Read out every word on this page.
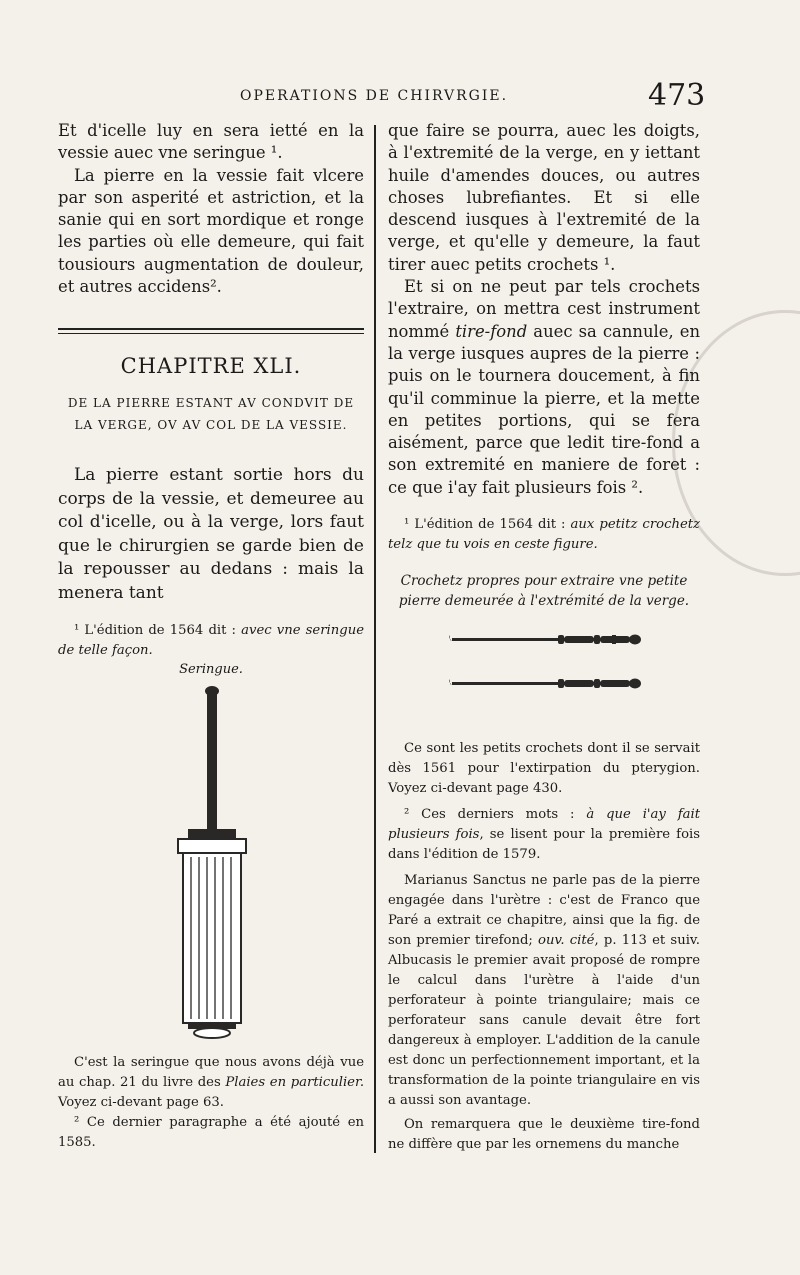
OPERATIONS DE CHIRVRGIE.	473

Et d'icelle luy en sera ietté en la vessie auec vne seringue ¹.

La pierre en la vessie fait vlcere par son asperité et astriction, et la sanie qui en sort mordique et ronge les parties où elle demeure, qui fait tousiours augmentation de douleur, et autres accidens².

CHAPITRE XLI.
DE LA PIERRE ESTANT AV CONDVIT DE
LA VERGE, OV AV COL DE LA VESSIE.

La pierre estant sortie hors du corps de la vessie, et demeuree au col d'icelle, ou à la verge, lors faut que le chirurgien se garde bien de la repousser au dedans : mais la menera tant

¹ L'édition de 1564 dit : avec vne seringue de telle façon.

Seringue.

C'est la seringue que nous avons déjà vue au chap. 21 du livre des Plaies en particulier. Voyez ci-devant page 63.

² Ce dernier paragraphe a été ajouté en 1585.

que faire se pourra, auec les doigts, à l'extremité de la verge, en y iettant huile d'amendes douces, ou autres choses lubrefiantes. Et si elle descend iusques à l'extremité de la verge, et qu'elle y demeure, la faut tirer auec petits crochets ¹.

Et si on ne peut par tels crochets l'extraire, on mettra cest instrument nommé tire-fond auec sa cannule, en la verge iusques aupres de la pierre : puis on le tournera doucement, à fin qu'il comminue la pierre, et la mette en petites portions, qui se fera aisément, parce que ledit tire-fond a son extremité en maniere de foret : ce que i'ay fait plusieurs fois ².

¹ L'édition de 1564 dit : aux petitz crochetz telz que tu vois en ceste figure.

Crochetz propres pour extraire vne petite pierre demeurée à l'extrémité de la verge.

Ce sont les petits crochets dont il se servait dès 1561 pour l'extirpation du pterygion. Voyez ci-devant page 430.

² Ces derniers mots : à que i'ay fait plusieurs fois, se lisent pour la première fois dans l'édition de 1579.

Marianus Sanctus ne parle pas de la pierre engagée dans l'urètre : c'est de Franco que Paré a extrait ce chapitre, ainsi que la fig. de son premier tirefond; ouv. cité, p. 113 et suiv. Albucasis le premier avait proposé de rompre le calcul dans l'urètre à l'aide d'un perforateur à pointe triangulaire; mais ce perforateur sans canule devait être fort dangereux à employer. L'addition de la canule est donc un perfectionnement important, et la transformation de la pointe triangulaire en vis a aussi son avantage.

On remarquera que le deuxième tire-fond ne diffère que par les ornemens du manche
